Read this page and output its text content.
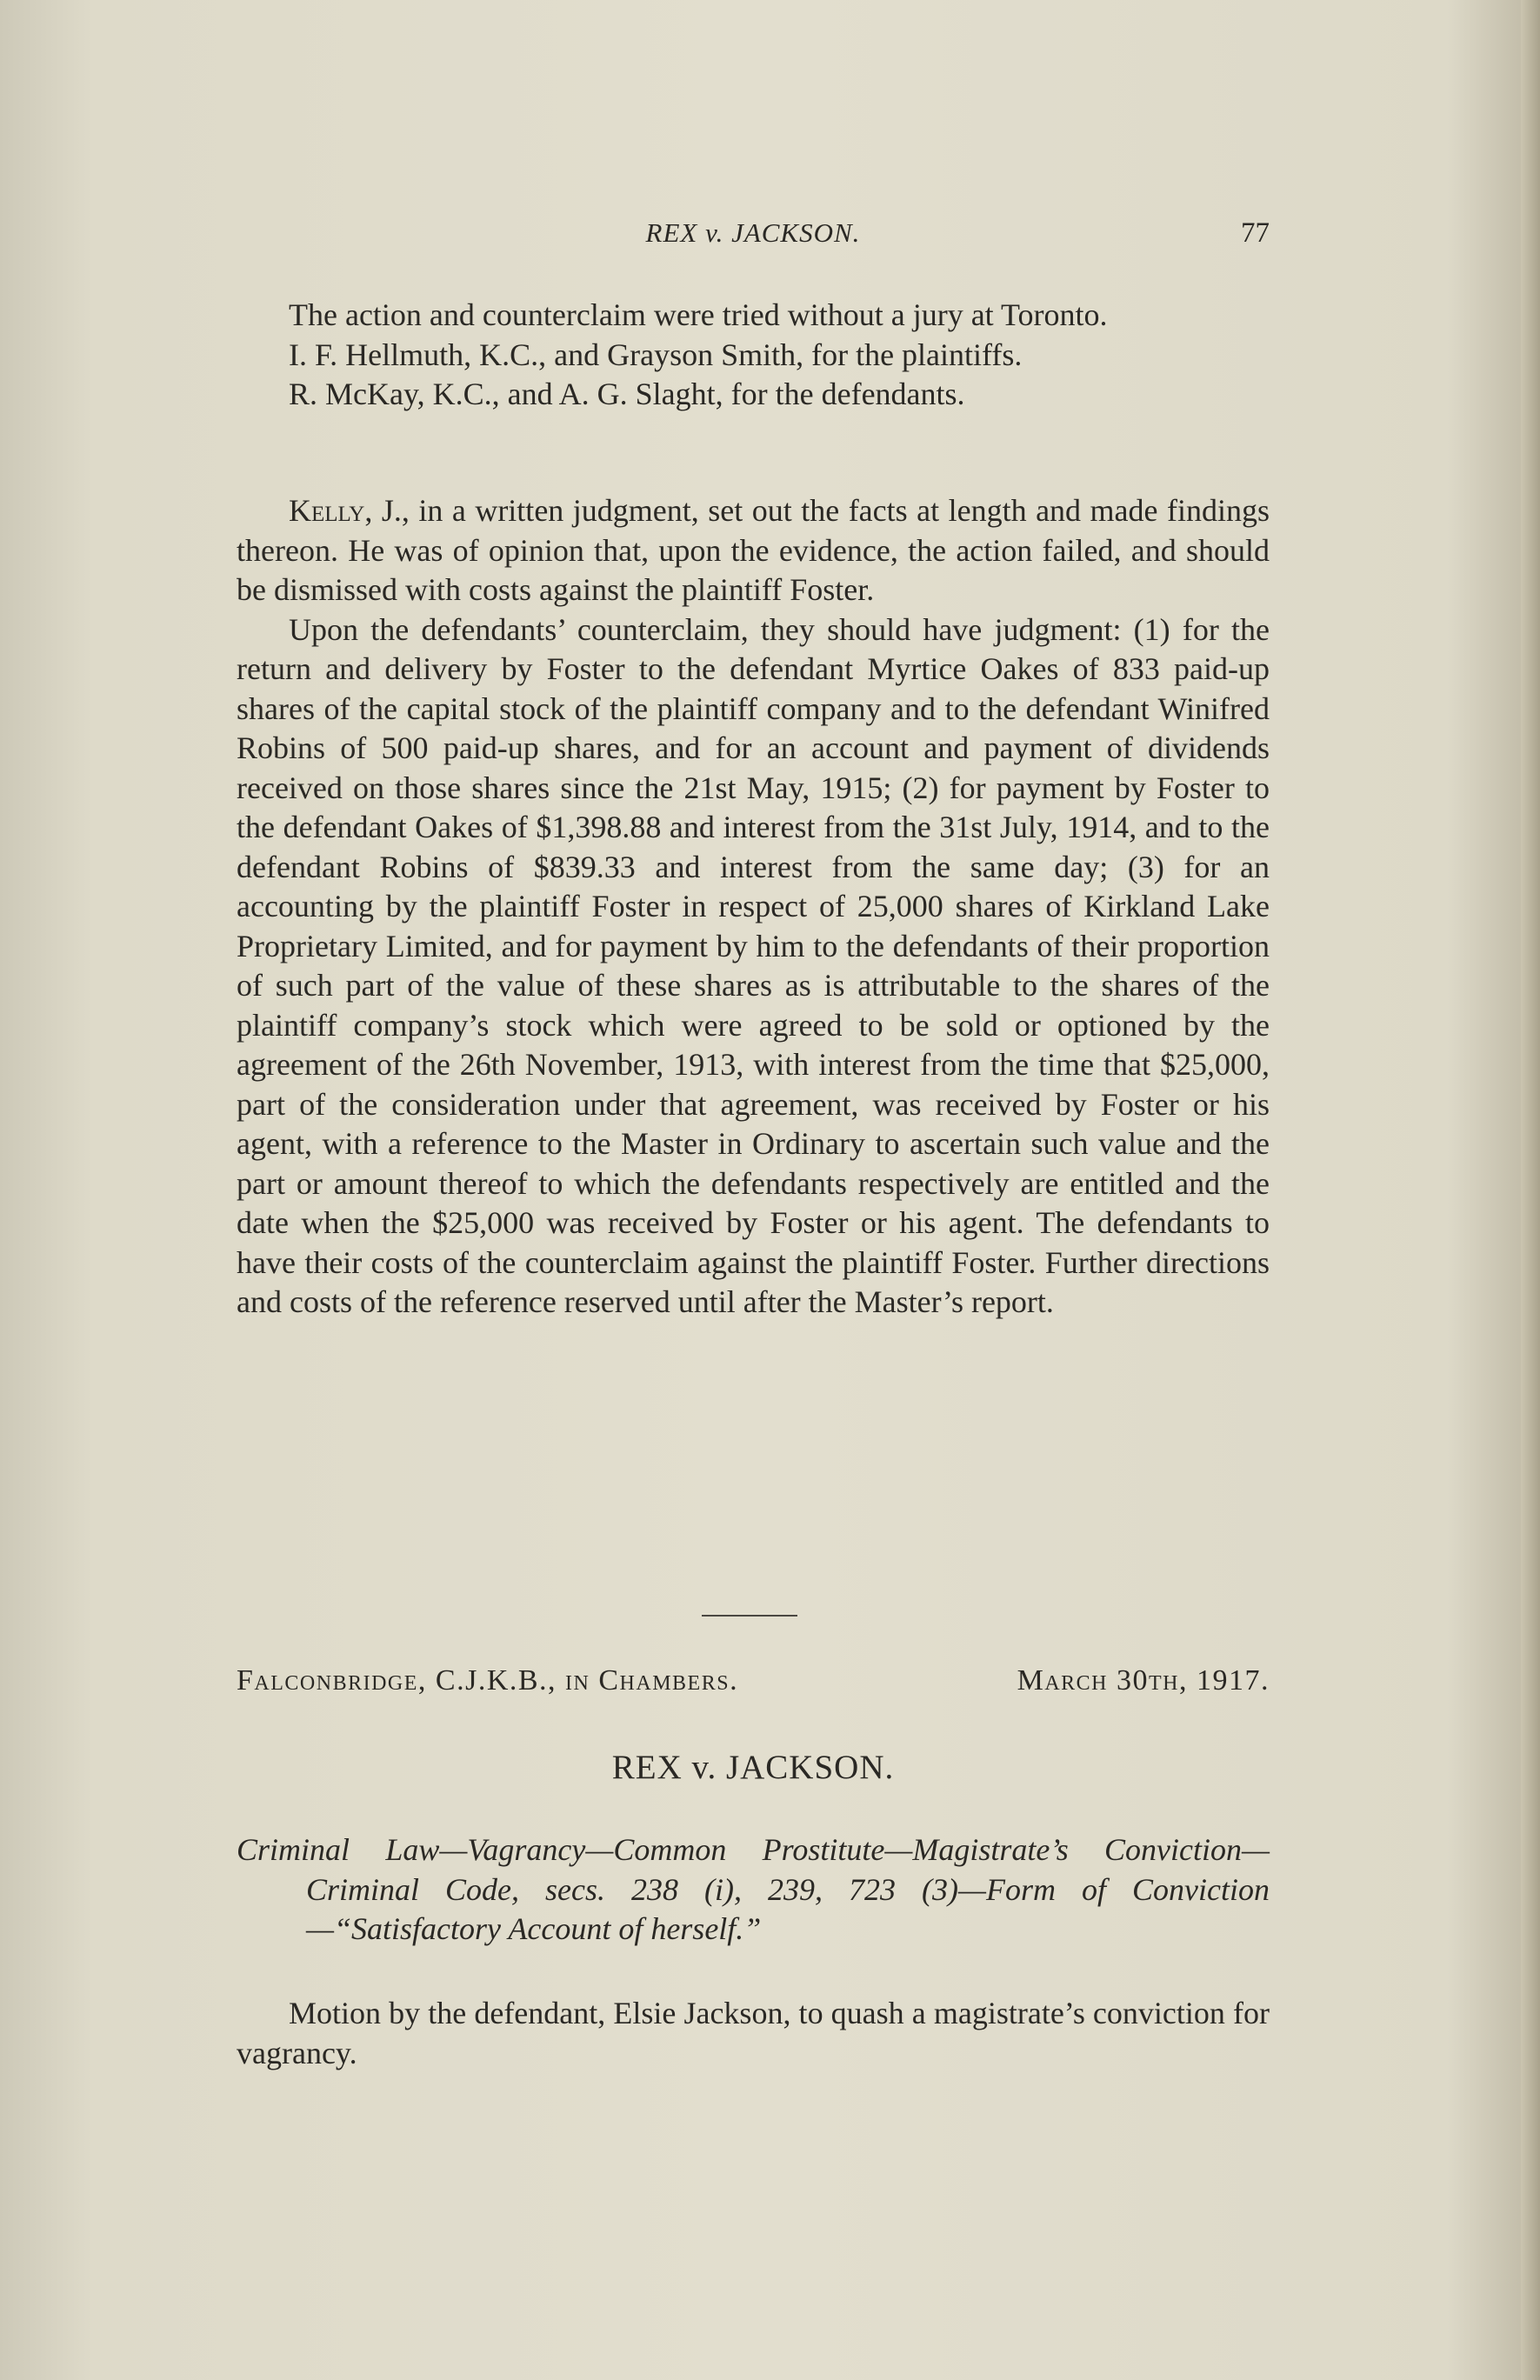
REX v. JACKSON.	77

The action and counterclaim were tried without a jury at Toronto.

I. F. Hellmuth, K.C., and Grayson Smith, for the plaintiffs.

R. McKay, K.C., and A. G. Slaght, for the defendants.

Kelly, J., in a written judgment, set out the facts at length and made findings thereon. He was of opinion that, upon the evidence, the action failed, and should be dismissed with costs against the plaintiff Foster.

Upon the defendants’ counterclaim, they should have judgment: (1) for the return and delivery by Foster to the defendant Myrtice Oakes of 833 paid-up shares of the capital stock of the plaintiff company and to the defendant Winifred Robins of 500 paid-up shares, and for an account and payment of dividends received on those shares since the 21st May, 1915; (2) for payment by Foster to the defendant Oakes of $1,398.88 and interest from the 31st July, 1914, and to the defendant Robins of $839.33 and interest from the same day; (3) for an accounting by the plaintiff Foster in respect of 25,000 shares of Kirkland Lake Proprietary Limited, and for payment by him to the defendants of their proportion of such part of the value of these shares as is attributable to the shares of the plaintiff company’s stock which were agreed to be sold or optioned by the agreement of the 26th November, 1913, with interest from the time that $25,000, part of the consideration under that agreement, was received by Foster or his agent, with a reference to the Master in Ordinary to ascertain such value and the part or amount thereof to which the defendants respectively are entitled and the date when the $25,000 was received by Foster or his agent. The defendants to have their costs of the counterclaim against the plaintiff Foster. Further directions and costs of the reference reserved until after the Master’s report.

Falconbridge, C.J.K.B., in Chambers.	March 30th, 1917.
REX v. JACKSON.

Criminal Law—Vagrancy—Common Prostitute—Magistrate’s Conviction—Criminal Code, secs. 238 (i), 239, 723 (3)—Form of Conviction—“Satisfactory Account of herself.”

Motion by the defendant, Elsie Jackson, to quash a magistrate’s conviction for vagrancy.
